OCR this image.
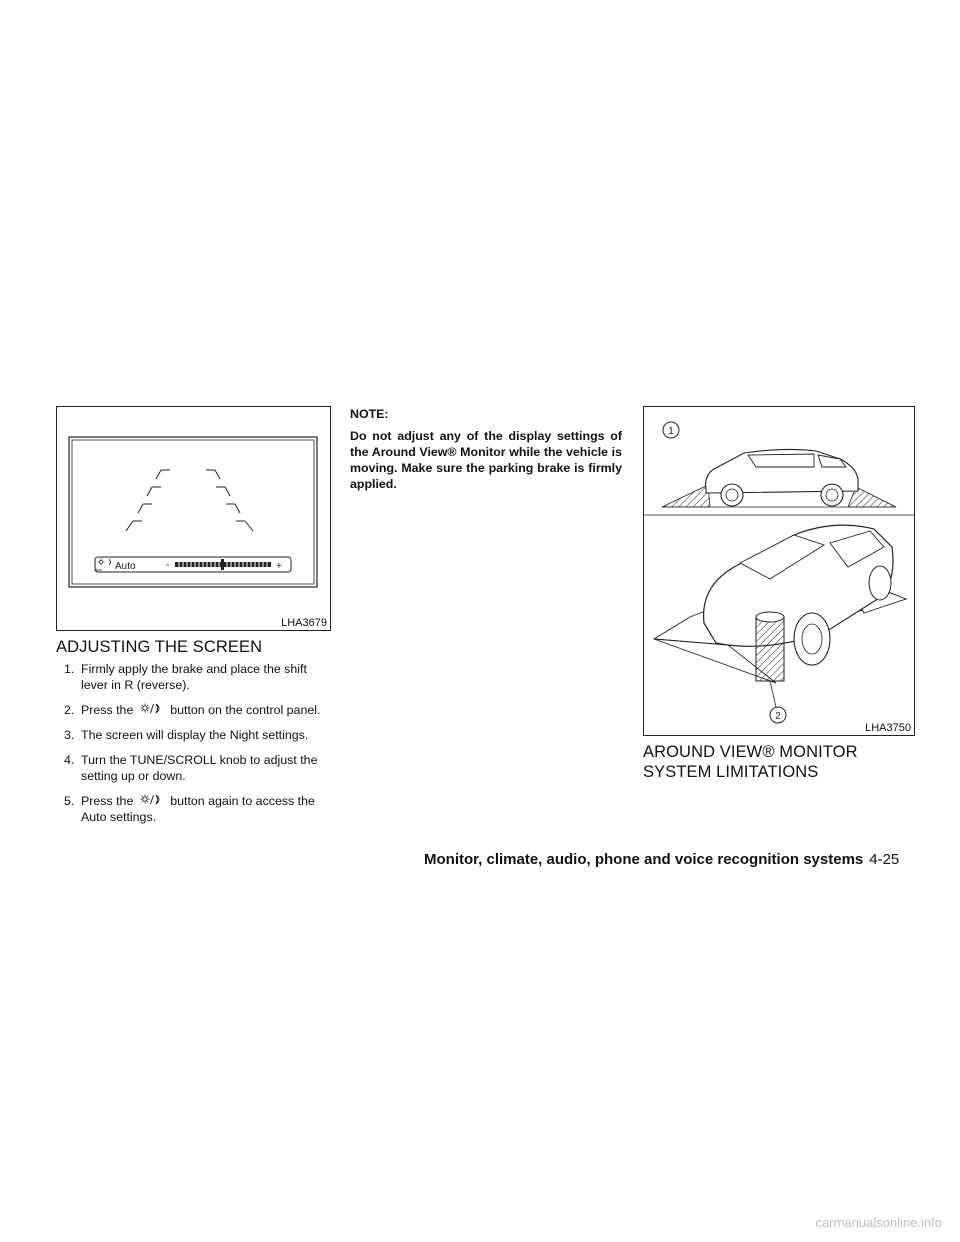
Auto Auto	-	+
LHA3679
ADJUSTING THE SCREEN
1. Firmly apply the brake and place the shift lever in R (reverse).
2. Press the	button on the control panel.
3. The screen will display the Night settings.
4. Turn the TUNE/SCROLL knob to adjust the setting up or down.
5. Press the	button again to access the Auto settings.
NOTE:

Do not adjust any of the display settings of the Around View® Monitor while the vehicle is moving. Make sure the parking brake is firmly applied.

1
2
LHA3750
AROUND VIEW® MONITOR
SYSTEM LIMITATIONS
Monitor, climate, audio, phone and voice recognition systems 4-25
carmanualsonline.info
